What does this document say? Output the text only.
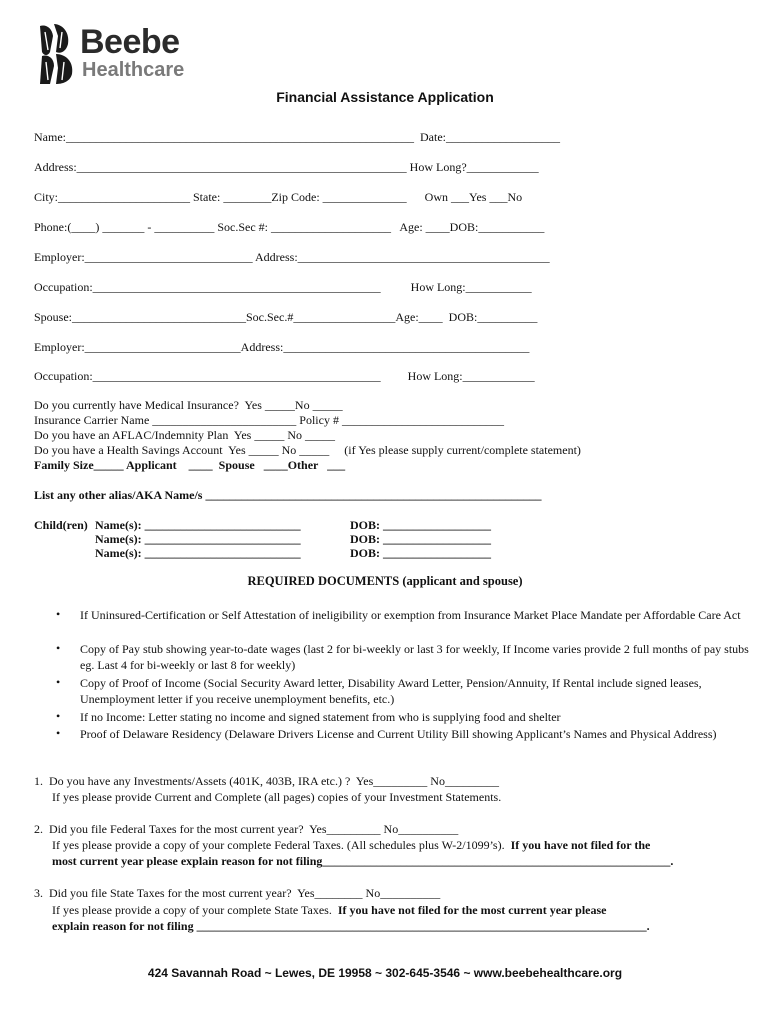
Beebe
Healthcare
Financial Assistance Application
Name:__________________________________________________________  Date:___________________
Address:_______________________________________________________ How Long?____________
City:______________________ State: ________Zip Code: ______________      Own ___Yes ___No
Phone:(____) _______ - __________ Soc.Sec #: ____________________   Age: ____DOB:___________
Employer:____________________________ Address:__________________________________________
Occupation:________________________________________________          How Long:___________
Spouse:_____________________________Soc.Sec.#_________________Age:____  DOB:__________
Employer:__________________________Address:_________________________________________
Occupation:________________________________________________         How Long:____________
Do you currently have Medical Insurance?  Yes _____No _____
Insurance Carrier Name ________________________ Policy # ___________________________
Do you have an AFLAC/Indemnity Plan  Yes _____ No _____
Do you have a Health Savings Account  Yes _____ No _____     (if Yes please supply current/complete statement)
Family Size_____ Applicant    ____  Spouse   ____Other   ___
List any other alias/AKA Name/s ________________________________________________________
Child(ren) Name(s): __________________________	DOB: __________________
Name(s): __________________________	DOB: __________________
Name(s): __________________________	DOB: __________________
REQUIRED DOCUMENTS (applicant and spouse)
• If Uninsured-Certification or Self Attestation of ineligibility or exemption from Insurance Market Place Mandate per Affordable Care Act
• Copy of Pay stub showing year-to-date wages (last 2 for bi-weekly or last 3 for weekly, If Income varies provide 2 full months of pay stubs eg. Last 4 for bi-weekly or last 8 for weekly)
• Copy of Proof of Income (Social Security Award letter, Disability Award Letter, Pension/Annuity, If Rental include signed leases, Unemployment letter if you receive unemployment benefits, etc.)
• If no Income: Letter stating no income and signed statement from who is supplying food and shelter
• Proof of Delaware Residency (Delaware Drivers License and Current Utility Bill showing Applicant’s Names and Physical Address)
1.  Do you have any Investments/Assets (401K, 403B, IRA etc.) ?  Yes_________ No_________
If yes please provide Current and Complete (all pages) copies of your Investment Statements.
2.  Did you file Federal Taxes for the most current year?  Yes_________ No__________
If yes please provide a copy of your complete Federal Taxes. (All schedules plus W-2/1099’s).  If you have not filed for the
most current year please explain reason for not filing__________________________________________________________.
3.  Did you file State Taxes for the most current year?  Yes________ No__________
If yes please provide a copy of your complete State Taxes.  If you have not filed for the most current year please
explain reason for not filing ___________________________________________________________________________.
424 Savannah Road ~ Lewes, DE 19958 ~ 302-645-3546 ~ www.beebehealthcare.org
